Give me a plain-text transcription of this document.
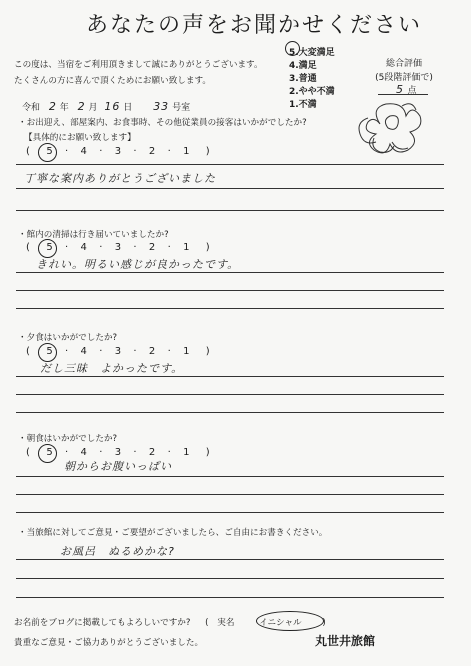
あなたの声をお聞かせください
この度は、当宿をご利用頂きまして誠にありがとうございます。
たくさんの方に喜んで頂くためにお願い致します。
5.大変満足
4.満足
3.普通
2.やや不満
1.不満
総合評価
(5段階評価で)
5 点
令和 2 年 2 月 16 日 33 号室
・お出迎え、部屋案内、お食事時、その他従業員の接客はいかがでしたか?
【具体的にお願い致します】
( 5 · 4 · 3 · 2 · 1 )
丁寧な案内ありがとうございました
・館内の清掃は行き届いていましたか?
( 5 · 4 · 3 · 2 · 1 )
きれい。明るい感じが良かったです。
・夕食はいかがでしたか?
( 5 · 4 · 3 · 2 · 1 )
だし三昧　よかったです。
・朝食はいかがでしたか?
( 5 · 4 · 3 · 2 · 1 )
朝からお腹いっぱい
・当旅館に対してご意見・ご要望がございましたら、ご自由にお書きください。
お風呂　ぬるめかな?
お名前をブログに掲載してもよろしいですか? ( 実名	イニシャル )
貴重なご意見・ご協力ありがとうございました。	丸世井旅館
